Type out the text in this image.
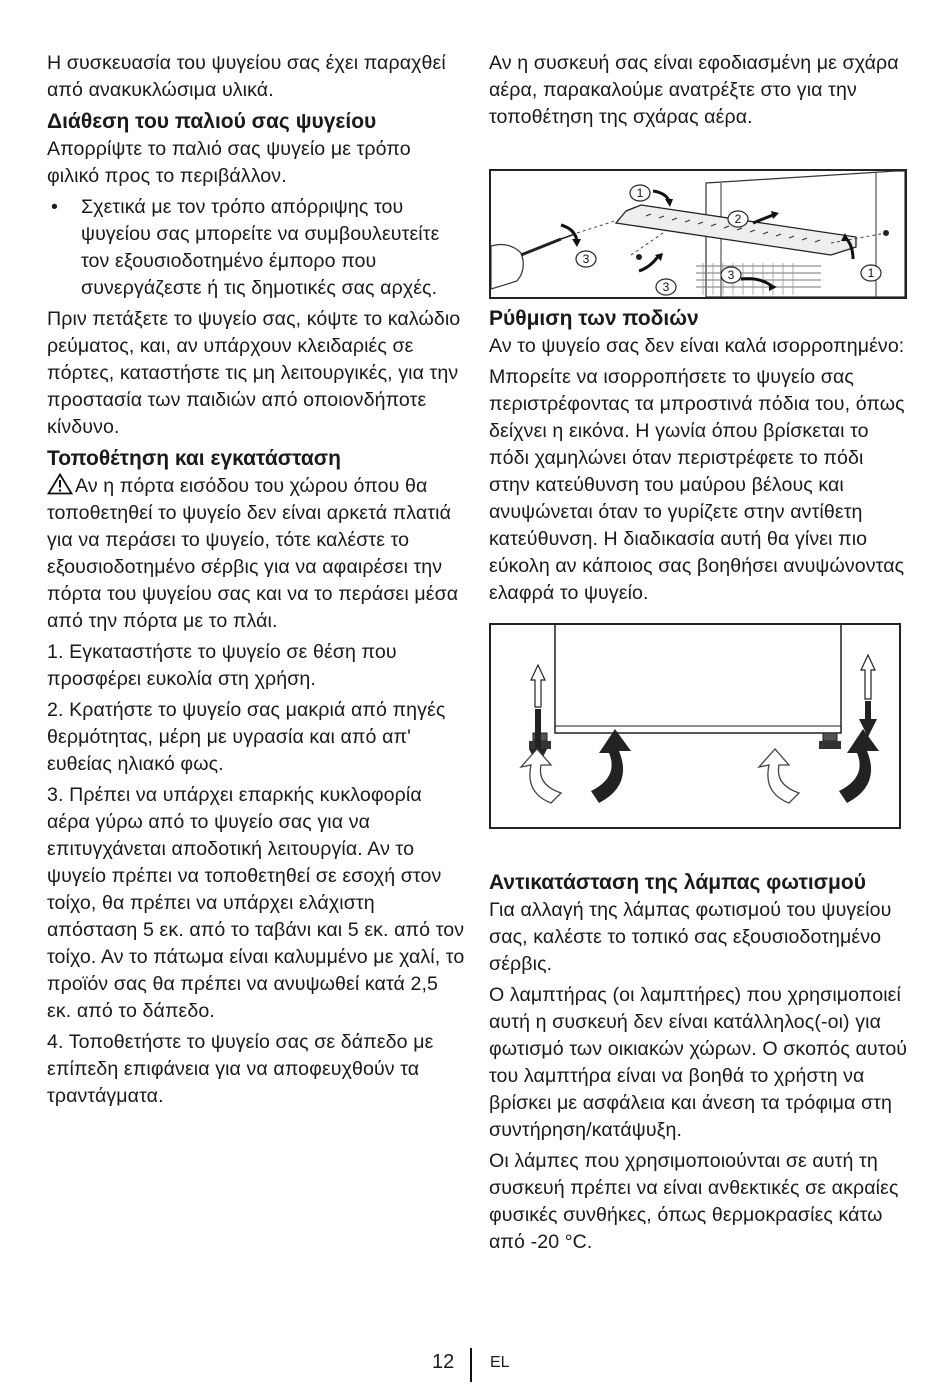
Η συσκευασία του ψυγείου σας έχει παραχθεί από ανακυκλώσιμα υλικά.

Διάθεση του παλιού σας ψυγείου

Απορρίψτε το παλιό σας ψυγείο με τρόπο φιλικό προς το περιβάλλον.

• Σχετικά με τον τρόπο απόρριψης του ψυγείου σας μπορείτε να συμβουλευτείτε τον εξουσιοδοτημένο έμπορο που συνεργάζεστε ή τις δημοτικές σας αρχές.

Πριν πετάξετε το ψυγείο σας, κόψτε το καλώδιο ρεύματος, και, αν υπάρχουν κλειδαριές σε πόρτες, καταστήστε τις μη λειτουργικές, για την προστασία των παιδιών από οποιονδήποτε κίνδυνο.

Τοποθέτηση και εγκατάσταση

Αν η πόρτα εισόδου του χώρου όπου θα τοποθετηθεί το ψυγείο δεν είναι αρκετά πλατιά για να περάσει το ψυγείο, τότε καλέστε το εξουσιοδοτημένο σέρβις για να αφαιρέσει την πόρτα του ψυγείου σας και να το περάσει μέσα από την πόρτα με το πλάι.

1. Εγκαταστήστε το ψυγείο σε θέση που προσφέρει ευκολία στη χρήση.

2. Κρατήστε το ψυγείο σας μακριά από πηγές θερμότητας, μέρη με υγρασία και από απ' ευθείας ηλιακό φως.

3. Πρέπει να υπάρχει επαρκής κυκλοφορία αέρα γύρω από το ψυγείο σας για να επιτυγχάνεται αποδοτική λειτουργία. Αν το ψυγείο πρέπει να τοποθετηθεί σε εσοχή στον τοίχο, θα πρέπει να υπάρχει ελάχιστη απόσταση 5 εκ. από το ταβάνι και 5 εκ. από τον τοίχο. Αν το πάτωμα είναι καλυμμένο με χαλί, το προϊόν σας θα πρέπει να ανυψωθεί κατά 2,5 εκ. από το δάπεδο.

4. Τοποθετήστε το ψυγείο σας σε δάπεδο με επίπεδη επιφάνεια για να αποφευχθούν τα τραντάγματα.

Αν η συσκευή σας είναι εφοδιασμένη με σχάρα αέρα, παρακαλούμε ανατρέξτε στο για την τοποθέτηση της σχάρας αέρα.

1
2
3
3
3	1
Ρύθμιση των ποδιών

Αν το ψυγείο σας δεν είναι καλά ισορροπημένο:

Μπορείτε να ισορροπήσετε το ψυγείο σας περιστρέφοντας τα μπροστινά πόδια του, όπως δείχνει η εικόνα. Η γωνία όπου βρίσκεται το πόδι χαμηλώνει όταν περιστρέφετε το πόδι στην κατεύθυνση του μαύρου βέλους και ανυψώνεται όταν το γυρίζετε στην αντίθετη κατεύθυνση. Η διαδικασία αυτή θα γίνει πιο εύκολη αν κάποιος σας βοηθήσει ανυψώνοντας ελαφρά το ψυγείο.

Αντικατάσταση της λάμπας φωτισμού

Για αλλαγή της λάμπας φωτισμού του ψυγείου σας, καλέστε το τοπικό σας εξουσιοδοτημένο σέρβις.

Ο λαμπτήρας (οι λαμπτήρες) που χρησιμοποιεί αυτή η συσκευή δεν είναι κατάλληλος(-οι) για φωτισμό των οικιακών χώρων. Ο σκοπός αυτού του λαμπτήρα είναι να βοηθά το χρήστη να βρίσκει με ασφάλεια και άνεση τα τρόφιμα στη συντήρηση/κατάψυξη.

Οι λάμπες που χρησιμοποιούνται σε αυτή τη συσκευή πρέπει να είναι ανθεκτικές σε ακραίες φυσικές συνθήκες, όπως θερμοκρασίες κάτω από -20 °C.

12 EL
